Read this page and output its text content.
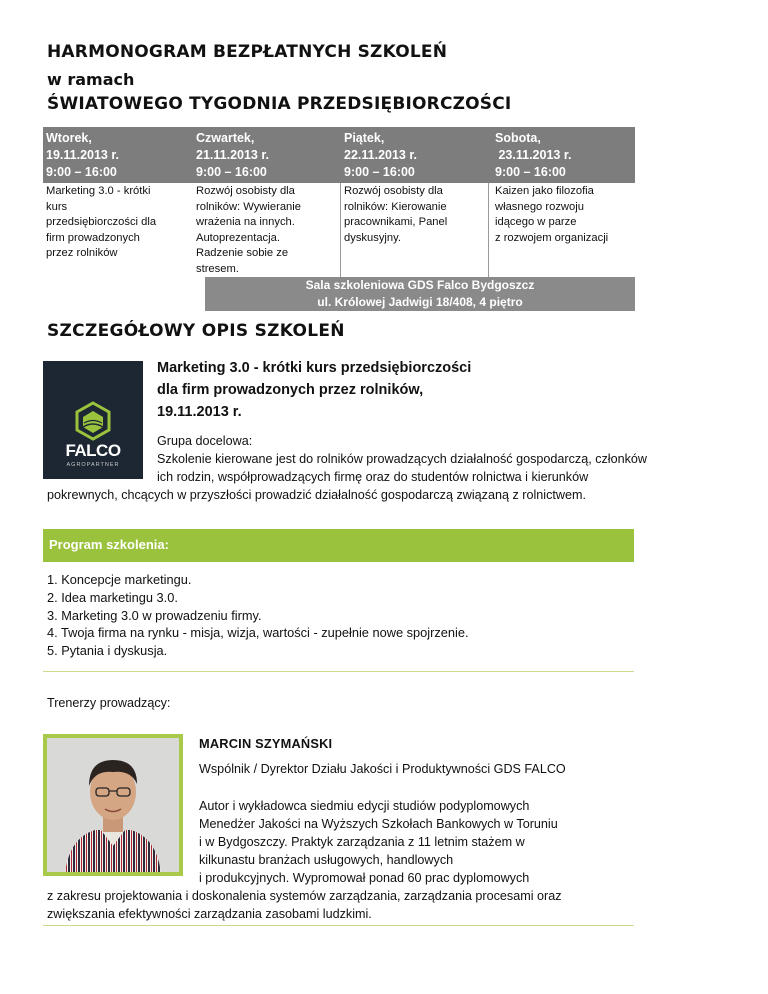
HARMONOGRAM BEZPŁATNYCH SZKOLEŃ
w ramach
ŚWIATOWEGO TYGODNIA PRZEDSIĘBIORCZOŚCI
Wtorek,
19.11.2013 r.
9:00 – 16:00
Czwartek,
21.11.2013 r.
9:00 – 16:00
Piątek,
22.11.2013 r.
9:00 – 16:00
Sobota,
23.11.2013 r.
9:00 – 16:00
Marketing 3.0 - krótki
kurs
przedsiębiorczości dla
firm prowadzonych
przez rolników
Rozwój osobisty dla
rolników: Wywieranie
wrażenia na innych.
Autoprezentacja.
Radzenie sobie ze
stresem.
Rozwój osobisty dla
rolników: Kierowanie
pracownikami, Panel
dyskusyjny.
Kaizen jako filozofia
własnego rozwoju
idącego w parze
z rozwojem organizacji
Sala szkoleniowa GDS Falco Bydgoszcz
ul. Królowej Jadwigi 18/408, 4 piętro
SZCZEGÓŁOWY OPIS SZKOLEŃ
FALCO
AGROPARTNER
Marketing 3.0 - krótki kurs przedsiębiorczości
dla firm prowadzonych przez rolników,
19.11.2013 r.
Grupa docelowa:
Szkolenie kierowane jest do rolników prowadzących działalność gospodarczą, członków
ich rodzin, współprowadzących firmę oraz do studentów rolnictwa i kierunków
pokrewnych, chcących w przyszłości prowadzić działalność gospodarczą związaną z rolnictwem.
Program szkolenia:
1. Koncepcje marketingu.
2. Idea marketingu 3.0.
3. Marketing 3.0 w prowadzeniu firmy.
4. Twoja firma na rynku - misja, wizja, wartości - zupełnie nowe spojrzenie.
5. Pytania i dyskusja.
Trenerzy prowadzący:
MARCIN SZYMAŃSKI
Wspólnik / Dyrektor Działu Jakości i Produktywności GDS FALCO
Autor i wykładowca siedmiu edycji studiów podyplomowych
Menedżer Jakości na Wyższych Szkołach Bankowych w Toruniu
i w Bydgoszczy. Praktyk zarządzania z 11 letnim stażem w
kilkunastu branżach usługowych, handlowych
i produkcyjnych. Wypromował ponad 60 prac dyplomowych
z zakresu projektowania i doskonalenia systemów zarządzania, zarządzania procesami oraz
zwiększania efektywności zarządzania zasobami ludzkimi.
